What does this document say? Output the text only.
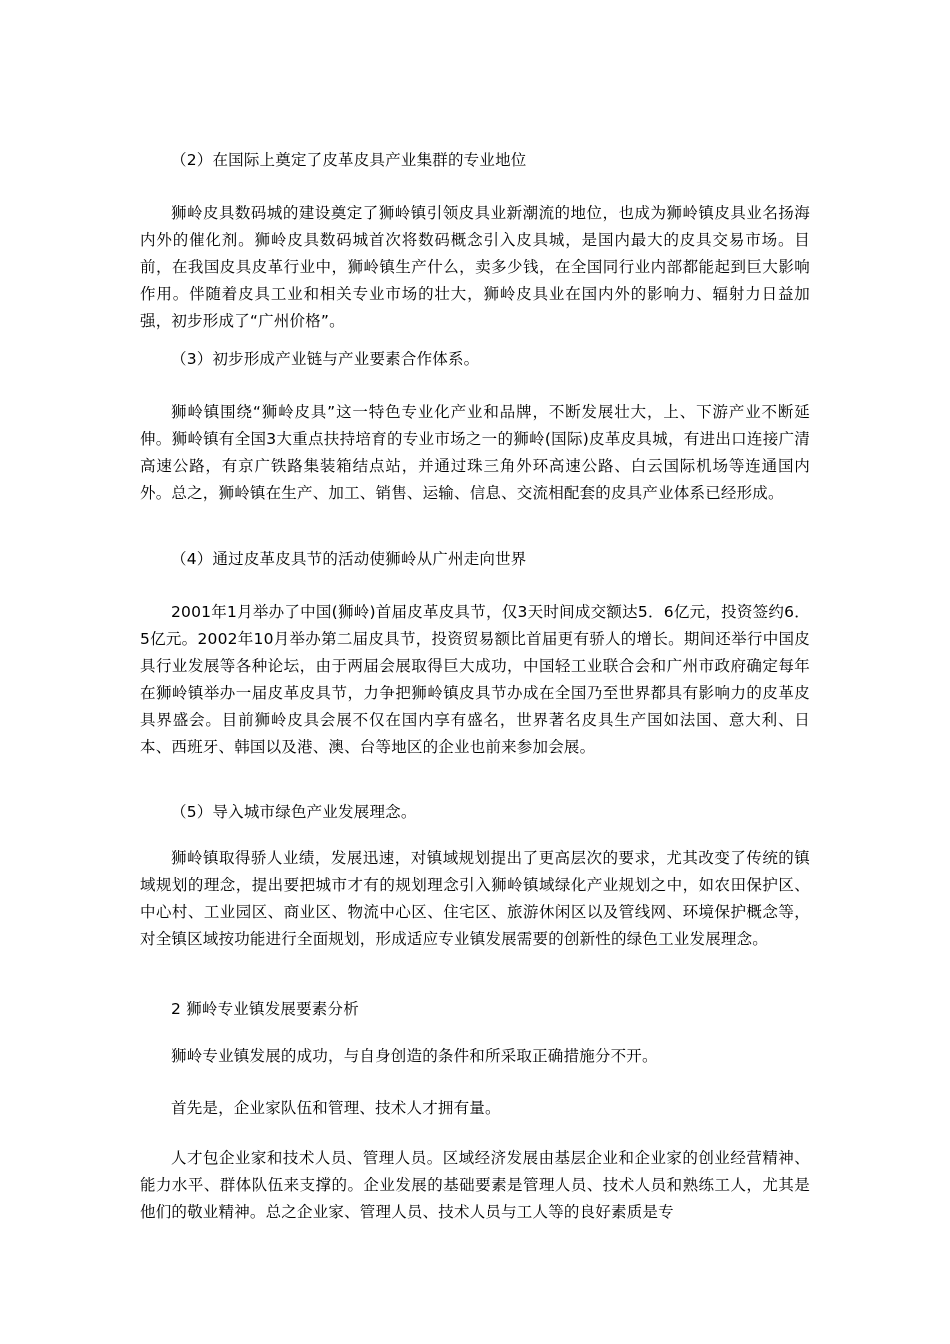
（2）在国际上奠定了皮革皮具产业集群的专业地位

狮岭皮具数码城的建设奠定了狮岭镇引领皮具业新潮流的地位，也成为狮岭镇皮具业名扬海内外的催化剂。狮岭皮具数码城首次将数码概念引入皮具城，是国内最大的皮具交易市场。目前，在我国皮具皮革行业中，狮岭镇生产什么，卖多少钱，在全国同行业内部都能起到巨大影响作用。伴随着皮具工业和相关专业市场的壮大，狮岭皮具业在国内外的影响力、辐射力日益加强，初步形成了“广州价格”。

（3）初步形成产业链与产业要素合作体系。

狮岭镇围绕“狮岭皮具”这一特色专业化产业和品牌，不断发展壮大，上、下游产业不断延伸。狮岭镇有全国3大重点扶持培育的专业市场之一的狮岭(国际)皮革皮具城，有进出口连接广清高速公路，有京广铁路集装箱结点站，并通过珠三角外环高速公路、白云国际机场等连通国内外。总之，狮岭镇在生产、加工、销售、运输、信息、交流相配套的皮具产业体系已经形成。

（4）通过皮革皮具节的活动使狮岭从广州走向世界

2001年1月举办了中国(狮岭)首届皮革皮具节，仅3天时间成交额达5．6亿元，投资签约6．5亿元。2002年10月举办第二届皮具节，投资贸易额比首届更有骄人的增长。期间还举行中国皮具行业发展等各种论坛，由于两届会展取得巨大成功，中国轻工业联合会和广州市政府确定每年在狮岭镇举办一届皮革皮具节，力争把狮岭镇皮具节办成在全国乃至世界都具有影响力的皮革皮具界盛会。目前狮岭皮具会展不仅在国内享有盛名，世界著名皮具生产国如法国、意大利、日本、西班牙、韩国以及港、澳、台等地区的企业也前来参加会展。

（5）导入城市绿色产业发展理念。

狮岭镇取得骄人业绩，发展迅速，对镇域规划提出了更高层次的要求，尤其改变了传统的镇域规划的理念，提出要把城市才有的规划理念引入狮岭镇域绿化产业规划之中，如农田保护区、中心村、工业园区、商业区、物流中心区、住宅区、旅游休闲区以及管线网、环境保护概念等，对全镇区域按功能进行全面规划，形成适应专业镇发展需要的创新性的绿色工业发展理念。

2 狮岭专业镇发展要素分析

狮岭专业镇发展的成功，与自身创造的条件和所采取正确措施分不开。

首先是，企业家队伍和管理、技术人才拥有量。

人才包企业家和技术人员、管理人员。区域经济发展由基层企业和企业家的创业经营精神、能力水平、群体队伍来支撑的。企业发展的基础要素是管理人员、技术人员和熟练工人，尤其是他们的敬业精神。总之企业家、管理人员、技术人员与工人等的良好素质是专
